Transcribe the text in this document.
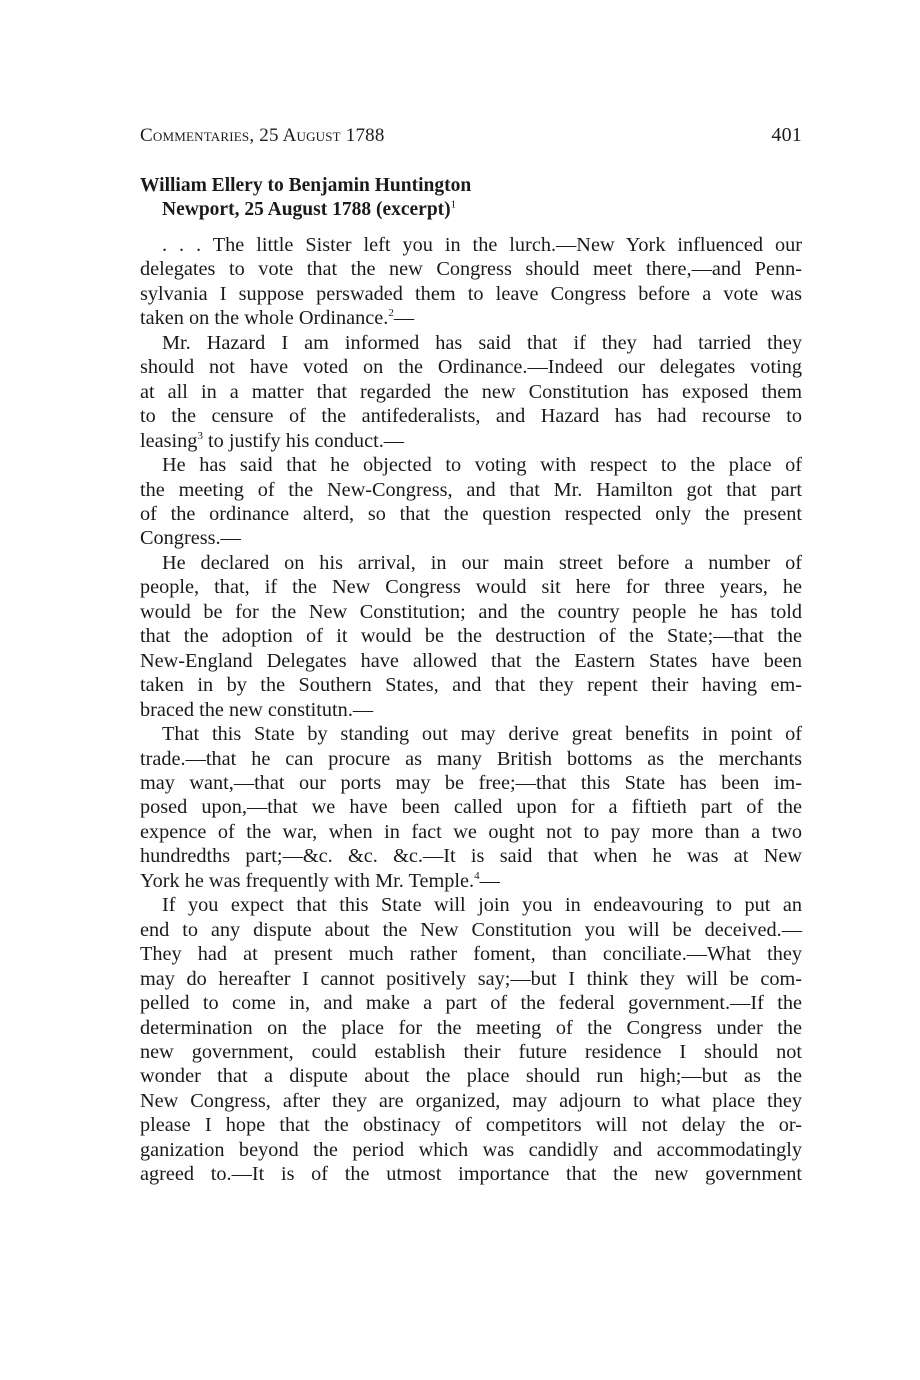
Commentaries, 25 August 1788	401
William Ellery to Benjamin Huntington
Newport, 25 August 1788 (excerpt)$^1$

. . . The little Sister left you in the lurch.—New York influenced our
delegates to vote that the new Congress should meet there,—and Penn-
sylvania I suppose perswaded them to leave Congress before a vote was
taken on the whole Ordinance.$^2$—

Mr. Hazard I am informed has said that if they had tarried they
should not have voted on the Ordinance.—Indeed our delegates voting
at all in a matter that regarded the new Constitution has exposed them
to the censure of the antifederalists, and Hazard has had recourse to
leasing$^3$ to justify his conduct.—

He has said that he objected to voting with respect to the place of
the meeting of the New-Congress, and that Mr. Hamilton got that part
of the ordinance alterd, so that the question respected only the present
Congress.—

He declared on his arrival, in our main street before a number of
people, that, if the New Congress would sit here for three years, he
would be for the New Constitution; and the country people he has told
that the adoption of it would be the destruction of the State;—that the
New-England Delegates have allowed that the Eastern States have been
taken in by the Southern States, and that they repent their having em-
braced the new constitutn.—

That this State by standing out may derive great benefits in point of
trade.—that he can procure as many British bottoms as the merchants
may want,—that our ports may be free;—that this State has been im-
posed upon,—that we have been called upon for a fiftieth part of the
expence of the war, when in fact we ought not to pay more than a two
hundredths part;—&c. &c. &c.—It is said that when he was at New
York he was frequently with Mr. Temple.$^4$—

If you expect that this State will join you in endeavouring to put an
end to any dispute about the New Constitution you will be deceived.—
They had at present much rather foment, than conciliate.—What they
may do hereafter I cannot positively say;—but I think they will be com-
pelled to come in, and make a part of the federal government.—If the
determination on the place for the meeting of the Congress under the
new government, could establish their future residence I should not
wonder that a dispute about the place should run high;—but as the
New Congress, after they are organized, may adjourn to what place they
please I hope that the obstinacy of competitors will not delay the or-
ganization beyond the period which was candidly and accommodatingly
agreed to.—It is of the utmost importance that the new government
